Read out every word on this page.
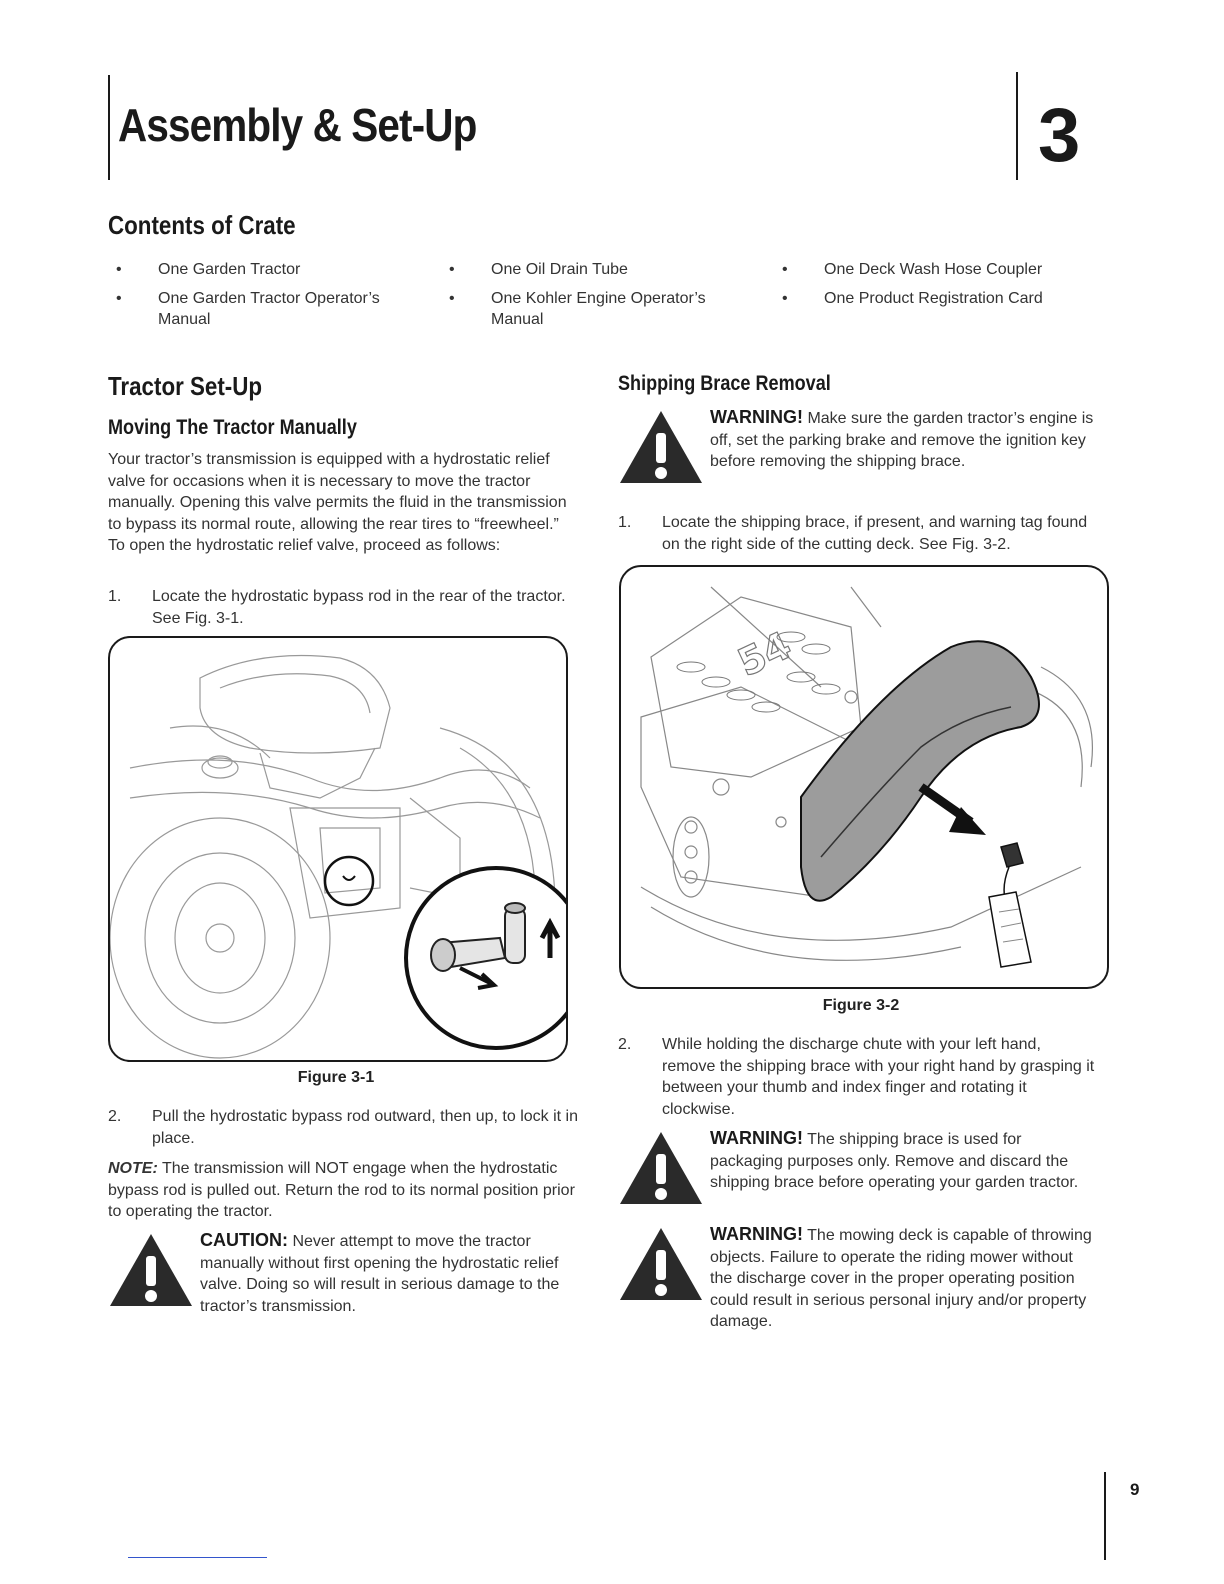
Assembly & Set-Up	3
Contents of Crate
•	One Garden Tractor
•	One Garden Tractor Operator’s Manual
•	One Oil Drain Tube
•	One Kohler Engine Operator’s Manual
•	One Deck Wash Hose Coupler
•	One Product Registration Card
Tractor Set-Up
Moving The Tractor Manually
Your tractor’s transmission is equipped with a hydrostatic relief valve for occasions when it is necessary to move the tractor manually. Opening this valve permits the fluid in the transmission to bypass its normal route, allowing the rear tires to “freewheel.” To open the hydrostatic relief valve, proceed as follows:
1.	Locate the hydrostatic bypass rod in the rear of the tractor. See Fig. 3-1.
Figure 3-1
2.	Pull the hydrostatic bypass rod outward, then up, to lock it in place.
NOTE: The transmission will NOT engage when the hydrostatic bypass rod is pulled out. Return the rod to its normal position prior to operating the tractor.
CAUTION: Never attempt to move the tractor manually without first opening the hydrostatic relief valve. Doing so will result in serious damage to the tractor’s transmission.
Shipping Brace Removal
WARNING! Make sure the garden tractor’s engine is off, set the parking brake and remove the ignition key before removing the shipping brace.
1.	Locate the shipping brace, if present, and warning tag found on the right side of the cutting deck. See Fig. 3-2.
54
Figure 3-2
2.	While holding the discharge chute with your left hand, remove the shipping brace with your right hand by grasping it between your thumb and index finger and rotating it clockwise.
WARNING! The shipping brace is used for packaging purposes only. Remove and discard the shipping brace before operating your garden tractor.
WARNING! The mowing deck is capable of throwing objects. Failure to operate the riding mower without the discharge cover in the proper operating position could result in serious personal injury and/or property damage.
9
